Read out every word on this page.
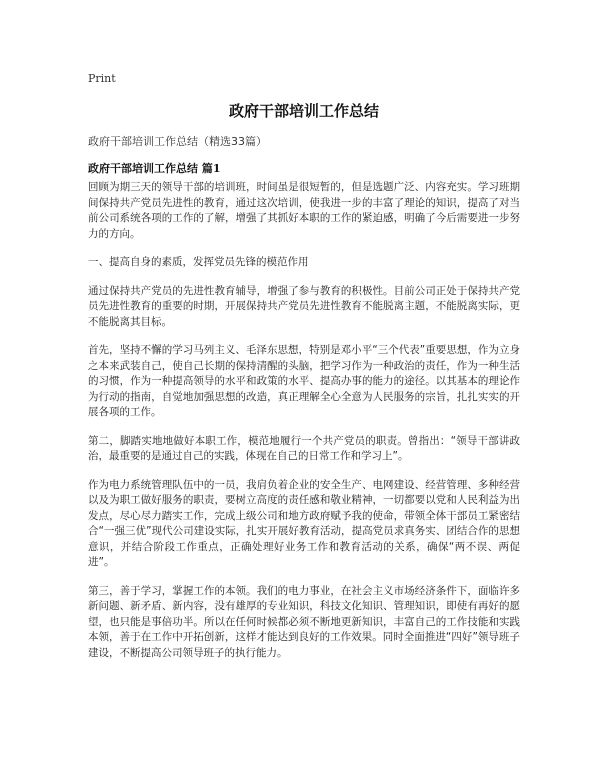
Print
政府干部培训工作总结
政府干部培训工作总结（精选33篇）
政府干部培训工作总结 篇1

回顾为期三天的领导干部的培训班，时间虽是很短暂的，但是选题广泛、内容充实。学习班期间保持共产党员先进性的教育，通过这次培训，使我进一步的丰富了理论的知识，提高了对当前公司系统各项的工作的了解，增强了其抓好本职的工作的紧迫感，明确了今后需要进一步努力的方向。

一、提高自身的素质，发挥党员先锋的模范作用

通过保持共产党员的先进性教育辅导，增强了参与教育的积极性。目前公司正处于保持共产党员先进性教育的重要的时期，开展保持共产党员先进性教育不能脱离主题，不能脱离实际，更不能脱离其目标。

首先，坚持不懈的学习马列主义、毛泽东思想，特别是邓小平“三个代表”重要思想，作为立身之本来武装自己，使自己长期的保持清醒的头脑，把学习作为一种政治的责任，作为一种生活的习惯，作为一种提高领导的水平和政策的水平、提高办事的能力的途径。以其基本的理论作为行动的指南，自觉地加强思想的改造，真正理解全心全意为人民服务的宗旨，扎扎实实的开展各项的工作。

第二，脚踏实地地做好本职工作，模范地履行一个共产党员的职责。曾指出：“领导干部讲政治，最重要的是通过自己的实践，体现在自己的日常工作和学习上”。

作为电力系统管理队伍中的一员，我肩负着企业的安全生产、电网建设、经营管理、多种经营以及为职工做好服务的职责，要树立高度的责任感和敬业精神，一切都要以党和人民利益为出发点，尽心尽力踏实工作，完成上级公司和地方政府赋予我的使命，带领全体干部员工紧密结合“一强三优”现代公司建设实际，扎实开展好教育活动，提高党员求真务实、团结合作的思想意识，并结合阶段工作重点，正确处理好业务工作和教育活动的关系，确保“两不误、两促进”。

第三，善于学习，掌握工作的本领。我们的电力事业，在社会主义市场经济条件下，面临许多新问题、新矛盾、新内容，没有雄厚的专业知识，科技文化知识、管理知识，即使有再好的愿望，也只能是事倍功半。所以在任何时候都必须不断地更新知识，丰富自己的工作技能和实践本领，善于在工作中开拓创新，这样才能达到良好的工作效果。同时全面推进“四好”领导班子建设，不断提高公司领导班子的执行能力。
